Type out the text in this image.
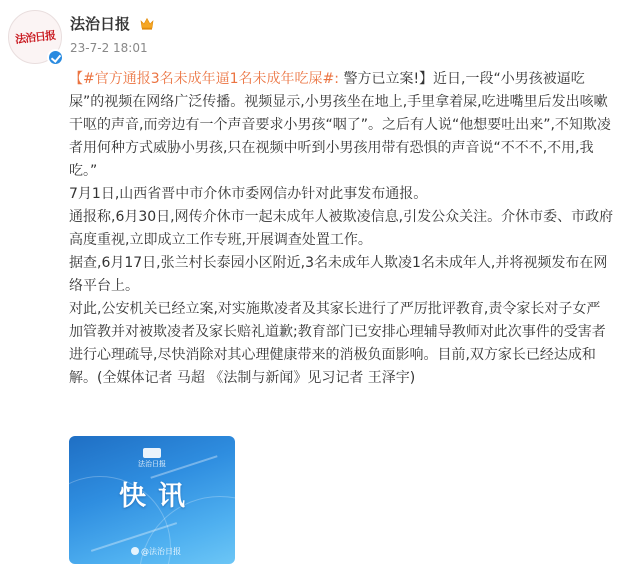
法治日报
法治日报
23-7-2 18:01

【#官方通报3名未成年逼1名未成年吃屎#: 警方已立案!】近日,一段“小男孩被逼吃屎”的视频在网络广泛传播。视频显示,小男孩坐在地上,手里拿着屎,吃进嘴里后发出咳嗽干呕的声音,而旁边有一个声音要求小男孩“咽了”。之后有人说“他想要吐出来”,不知欺凌者用何种方式威胁小男孩,只在视频中听到小男孩用带有恐惧的声音说“不不不,不用,我吃。”

7月1日,山西省晋中市介休市委网信办针对此事发布通报。

通报称,6月30日,网传介休市一起未成年人被欺凌信息,引发公众关注。介休市委、市政府高度重视,立即成立工作专班,开展调查处置工作。

据查,6月17日,张兰村长泰园小区附近,3名未成年人欺凌1名未成年人,并将视频发布在网络平台上。

对此,公安机关已经立案,对实施欺凌者及其家长进行了严厉批评教育,责令家长对子女严加管教并对被欺凌者及家长赔礼道歉;教育部门已安排心理辅导教师对此次事件的受害者进行心理疏导,尽快消除对其心理健康带来的消极负面影响。目前,双方家长已经达成和解。(全媒体记者 马超 《法制与新闻》见习记者 王泽宇)

法治日报
快讯
@法治日报
